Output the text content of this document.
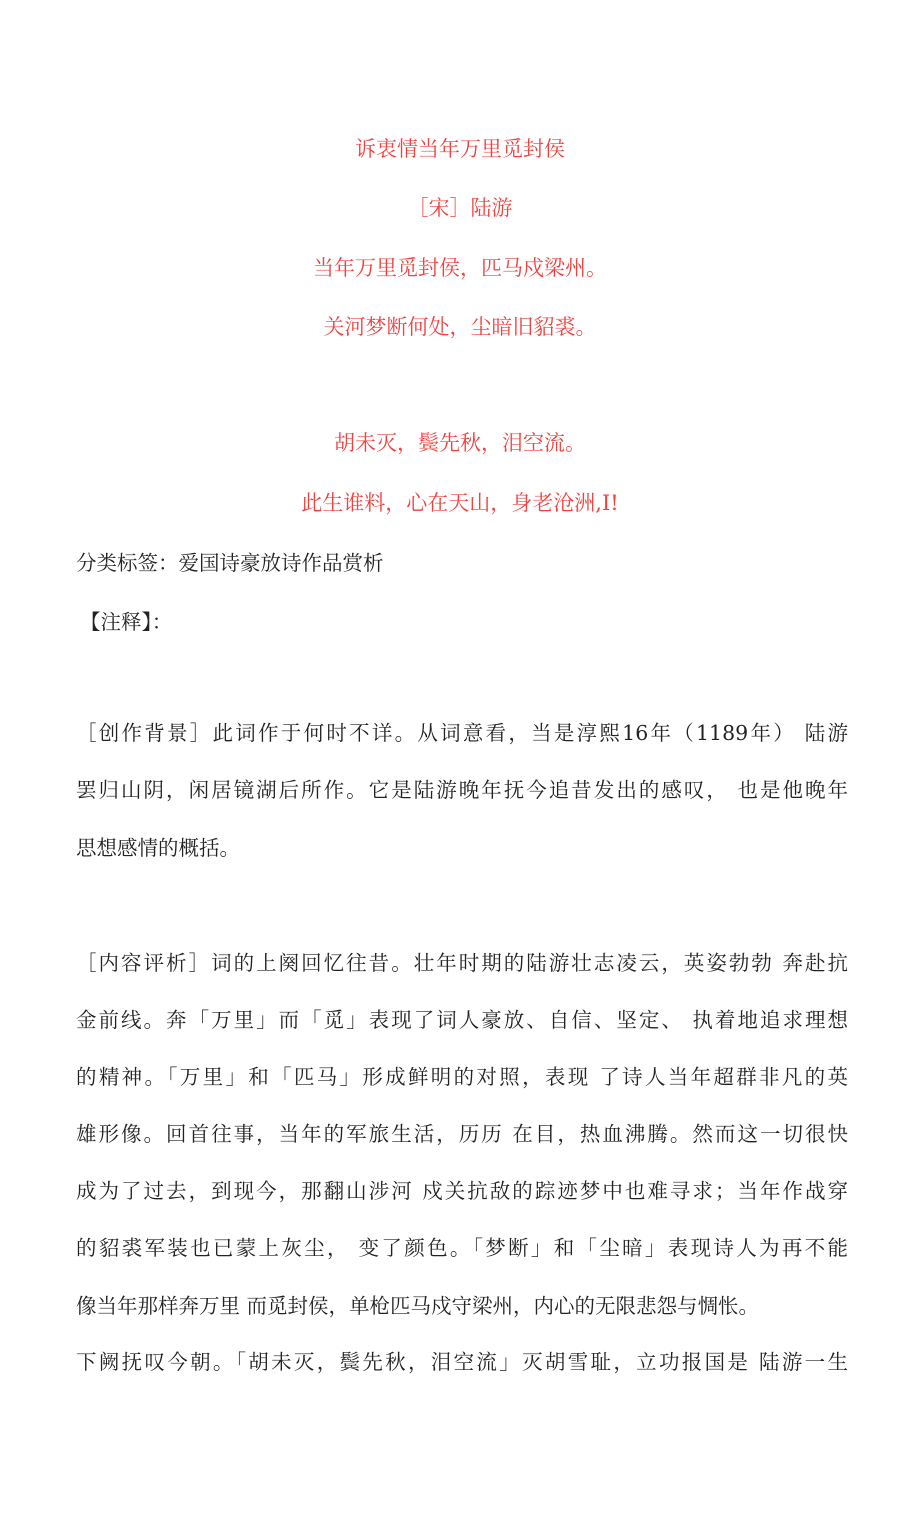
诉衷情当年万里觅封侯
［宋］陆游
当年万里觅封侯，匹马戍梁州。
关河梦断何处，尘暗旧貂裘。
胡未灭，鬓先秋，泪空流。
此生谁料，心在天山，身老沧洲,I!
分类标签：爱国诗豪放诗作品赏析
【注释】：
［创作背景］此词作于何时不详。从词意看，当是淳熙16年（1189年） 陆游
罢归山阴，闲居镜湖后所作。它是陆游晚年抚今追昔发出的感叹， 也是他晚年
思想感情的概括。
［内容评析］词的上阕回忆往昔。壮年时期的陆游壮志凌云，英姿勃勃 奔赴抗
金前线。奔「万里」而「觅」表现了词人豪放、自信、坚定、 执着地追求理想
的精神。「万里」和「匹马」形成鲜明的对照，表现 了诗人当年超群非凡的英
雄形像。回首往事，当年的军旅生活，历历 在目，热血沸腾。然而这一切很快
成为了过去，到现今，那翻山涉河 戍关抗敌的踪迹梦中也难寻求；当年作战穿
的貂裘军装也已蒙上灰尘， 变了颜色。「梦断」和「尘暗」表现诗人为再不能
像当年那样奔万里 而觅封侯，单枪匹马戍守梁州，内心的无限悲怨与惆怅。
下阙抚叹今朝。「胡未灭，鬓先秋，泪空流」灭胡雪耻，立功报国是 陆游一生
